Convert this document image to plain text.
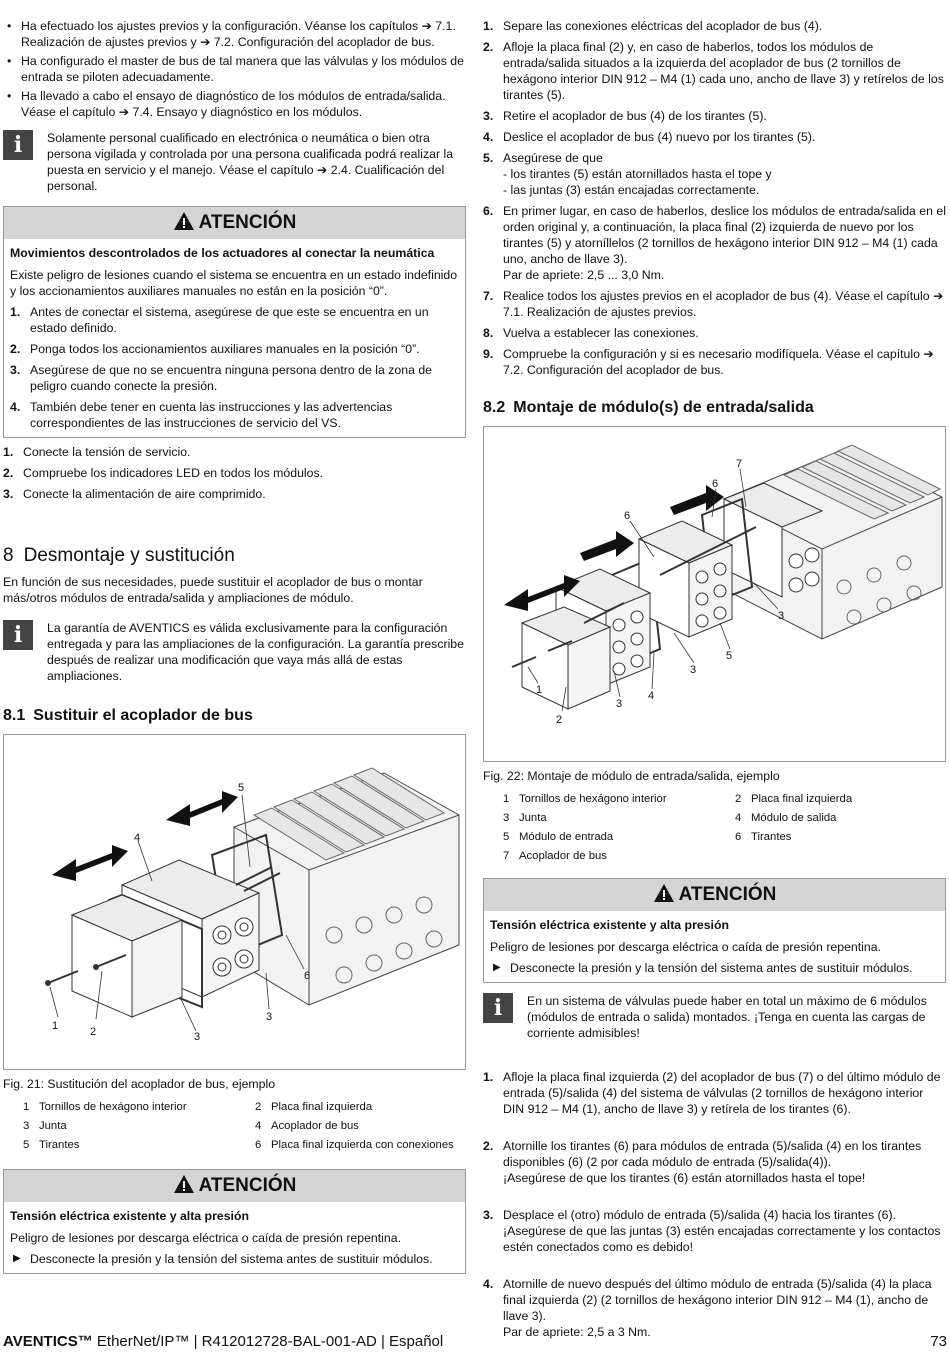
• Ha efectuado los ajustes previos y la configuración. Véanse los capítulos ➔ 7.1. Realización de ajustes previos y ➔ 7.2. Configuración del acoplador de bus.
• Ha configurado el master de bus de tal manera que las válvulas y los módulos de entrada se piloten adecuadamente.
• Ha llevado a cabo el ensayo de diagnóstico de los módulos de entrada/salida. Véase el capítulo ➔ 7.4. Ensayo y diagnóstico en los módulos.
i	Solamente personal cualificado en electrónica o neumática o bien otra persona vigilada y controlada por una persona cualificada podrá realizar la puesta en servicio y el manejo. Véase el capítulo ➔ 2.4. Cualificación del personal.
ATENCIÓN
Movimientos descontrolados de los actuadores al conectar la neumática

Existe peligro de lesiones cuando el sistema se encuentra en un estado indefinido y los accionamientos auxiliares manuales no están en la posición “0”.

1. Antes de conectar el sistema, asegúrese de que este se encuentra en un estado definido.
2. Ponga todos los accionamientos auxiliares manuales en la posición “0”.
3. Asegúrese de que no se encuentra ninguna persona dentro de la zona de peligro cuando conecte la presión.
4. También debe tener en cuenta las instrucciones y las advertencias correspondientes de las instrucciones de servicio del VS.
1. Conecte la tensión de servicio.
2. Compruebe los indicadores LED en todos los módulos.
3. Conecte la alimentación de aire comprimido.
8 Desmontaje y sustitución

En función de sus necesidades, puede sustituir el acoplador de bus o montar más/otros módulos de entrada/salida y ampliaciones de módulo.

i	La garantía de AVENTICS es válida exclusivamente para la configuración entregada y para las ampliaciones de la configuración. La garantía prescribe después de realizar una modificación que vaya más allá de estas ampliaciones.
8.1 Sustituir el acoplador de bus
1	2	3
3
4
5
6

Fig. 21: Sustitución del acoplador de bus, ejemplo

1 Tornillos de hexágono interior	2 Placa final izquierda
3 Junta	4 Acoplador de bus
5 Tirantes	6 Placa final izquierda con conexiones
ATENCIÓN
Tensión eléctrica existente y alta presión

Peligro de lesiones por descarga eléctrica o caída de presión repentina.

▶ Desconecte la presión y la tensión del sistema antes de sustituir módulos.
1. Separe las conexiones eléctricas del acoplador de bus (4).
2. Afloje la placa final (2) y, en caso de haberlos, todos los módulos de entrada/salida situados a la izquierda del acoplador de bus (2 tornillos de hexágono interior DIN 912 – M4 (1) cada uno, ancho de llave 3) y retírelos de los tirantes (5).
3. Retire el acoplador de bus (4) de los tirantes (5).
4. Deslice el acoplador de bus (4) nuevo por los tirantes (5).
5. Asegúrese de que
- los tirantes (5) están atornillados hasta el tope y
- las juntas (3) están encajadas correctamente.
6. En primer lugar, en caso de haberlos, deslice los módulos de entrada/salida en el orden original y, a continuación, la placa final (2) izquierda de nuevo por los tirantes (5) y atorníllelos (2 tornillos de hexágono interior DIN 912 – M4 (1) cada uno, ancho de llave 3).
Par de apriete: 2,5 ... 3,0 Nm.
7. Realice todos los ajustes previos en el acoplador de bus (4). Véase el capítulo ➔ 7.1. Realización de ajustes previos.
8. Vuelva a establecer las conexiones.
9. Compruebe la configuración y si es necesario modifíquela. Véase el capítulo ➔ 7.2. Configuración del acoplador de bus.
8.2 Montaje de módulo(s) de entrada/salida
1
2
3
3
3
4
5
6
6
7

Fig. 22: Montaje de módulo de entrada/salida, ejemplo

1 Tornillos de hexágono interior	2 Placa final izquierda
3 Junta	4 Módulo de salida
5 Módulo de entrada	6 Tirantes
7 Acoplador de bus
ATENCIÓN
Tensión eléctrica existente y alta presión

Peligro de lesiones por descarga eléctrica o caída de presión repentina.

▶ Desconecte la presión y la tensión del sistema antes de sustituir módulos.
i	En un sistema de válvulas puede haber en total un máximo de 6 módulos (módulos de entrada o salida) montados. ¡Tenga en cuenta las cargas de corriente admisibles!

1. Afloje la placa final izquierda (2) del acoplador de bus (7) o del último módulo de entrada (5)/salida (4) del sistema de válvulas (2 tornillos de hexágono interior DIN 912 – M4 (1), ancho de llave 3) y retírela de los tirantes (6).

2. Atornille los tirantes (6) para módulos de entrada (5)/salida (4) en los tirantes disponibles (6) (2 por cada módulo de entrada (5)/salida(4)).
¡Asegúrese de que los tirantes (6) están atornillados hasta el tope!

3. Desplace el (otro) módulo de entrada (5)/salida (4) hacia los tirantes (6).
¡Asegúrese de que las juntas (3) estén encajadas correctamente y los contactos estén conectados como es debido!

4. Atornille de nuevo después del último módulo de entrada (5)/salida (4) la placa final izquierda (2) (2 tornillos de hexágono interior DIN 912 – M4 (1), ancho de llave 3).
Par de apriete: 2,5 a 3 Nm.

AVENTICS™ EtherNet/IP™ | R412012728-BAL-001-AD | Español	73
